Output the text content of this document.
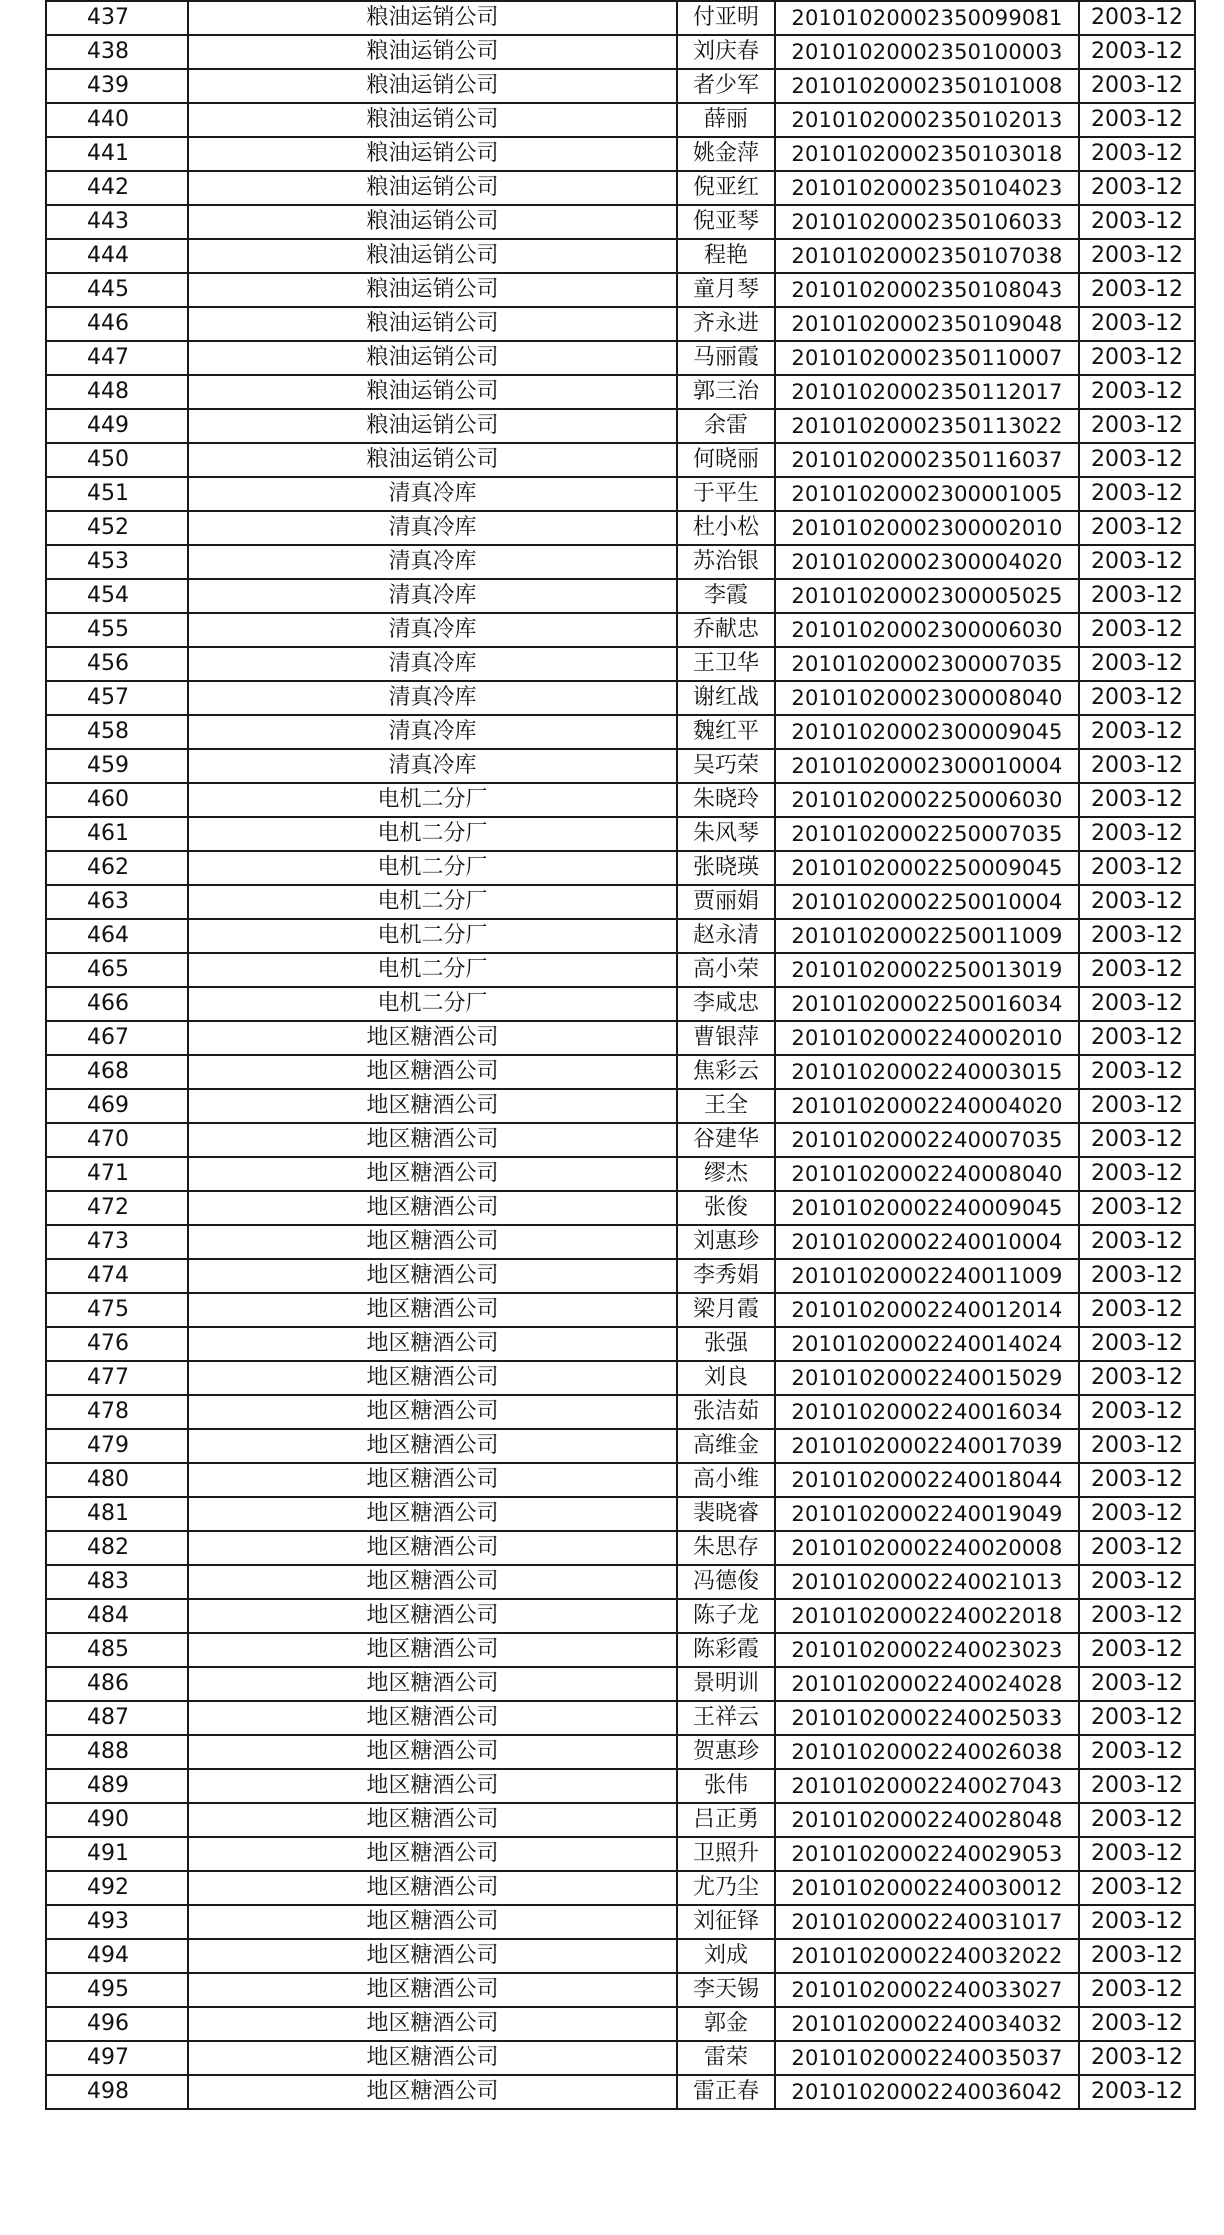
437	粮油运销公司	付亚明	20101020002350099081	2003-12
438	粮油运销公司	刘庆春	20101020002350100003	2003-12
439	粮油运销公司	者少军	20101020002350101008	2003-12
440	粮油运销公司	薛丽	20101020002350102013	2003-12
441	粮油运销公司	姚金萍	20101020002350103018	2003-12
442	粮油运销公司	倪亚红	20101020002350104023	2003-12
443	粮油运销公司	倪亚琴	20101020002350106033	2003-12
444	粮油运销公司	程艳	20101020002350107038	2003-12
445	粮油运销公司	童月琴	20101020002350108043	2003-12
446	粮油运销公司	齐永进	20101020002350109048	2003-12
447	粮油运销公司	马丽霞	20101020002350110007	2003-12
448	粮油运销公司	郭三治	20101020002350112017	2003-12
449	粮油运销公司	余雷	20101020002350113022	2003-12
450	粮油运销公司	何晓丽	20101020002350116037	2003-12
451	清真冷库	于平生	20101020002300001005	2003-12
452	清真冷库	杜小松	20101020002300002010	2003-12
453	清真冷库	苏治银	20101020002300004020	2003-12
454	清真冷库	李霞	20101020002300005025	2003-12
455	清真冷库	乔献忠	20101020002300006030	2003-12
456	清真冷库	王卫华	20101020002300007035	2003-12
457	清真冷库	谢红战	20101020002300008040	2003-12
458	清真冷库	魏红平	20101020002300009045	2003-12
459	清真冷库	吴巧荣	20101020002300010004	2003-12
460	电机二分厂	朱晓玲	20101020002250006030	2003-12
461	电机二分厂	朱风琴	20101020002250007035	2003-12
462	电机二分厂	张晓瑛	20101020002250009045	2003-12
463	电机二分厂	贾丽娟	20101020002250010004	2003-12
464	电机二分厂	赵永清	20101020002250011009	2003-12
465	电机二分厂	高小荣	20101020002250013019	2003-12
466	电机二分厂	李咸忠	20101020002250016034	2003-12
467	地区糖酒公司	曹银萍	20101020002240002010	2003-12
468	地区糖酒公司	焦彩云	20101020002240003015	2003-12
469	地区糖酒公司	王全	20101020002240004020	2003-12
470	地区糖酒公司	谷建华	20101020002240007035	2003-12
471	地区糖酒公司	缪杰	20101020002240008040	2003-12
472	地区糖酒公司	张俊	20101020002240009045	2003-12
473	地区糖酒公司	刘惠珍	20101020002240010004	2003-12
474	地区糖酒公司	李秀娟	20101020002240011009	2003-12
475	地区糖酒公司	梁月霞	20101020002240012014	2003-12
476	地区糖酒公司	张强	20101020002240014024	2003-12
477	地区糖酒公司	刘良	20101020002240015029	2003-12
478	地区糖酒公司	张洁茹	20101020002240016034	2003-12
479	地区糖酒公司	高维金	20101020002240017039	2003-12
480	地区糖酒公司	高小维	20101020002240018044	2003-12
481	地区糖酒公司	裴晓睿	20101020002240019049	2003-12
482	地区糖酒公司	朱思存	20101020002240020008	2003-12
483	地区糖酒公司	冯德俊	20101020002240021013	2003-12
484	地区糖酒公司	陈子龙	20101020002240022018	2003-12
485	地区糖酒公司	陈彩霞	20101020002240023023	2003-12
486	地区糖酒公司	景明训	20101020002240024028	2003-12
487	地区糖酒公司	王祥云	20101020002240025033	2003-12
488	地区糖酒公司	贺惠珍	20101020002240026038	2003-12
489	地区糖酒公司	张伟	20101020002240027043	2003-12
490	地区糖酒公司	吕正勇	20101020002240028048	2003-12
491	地区糖酒公司	卫照升	20101020002240029053	2003-12
492	地区糖酒公司	尤乃尘	20101020002240030012	2003-12
493	地区糖酒公司	刘征铎	20101020002240031017	2003-12
494	地区糖酒公司	刘成	20101020002240032022	2003-12
495	地区糖酒公司	李天锡	20101020002240033027	2003-12
496	地区糖酒公司	郭金	20101020002240034032	2003-12
497	地区糖酒公司	雷荣	20101020002240035037	2003-12
498	地区糖酒公司	雷正春	20101020002240036042	2003-12
